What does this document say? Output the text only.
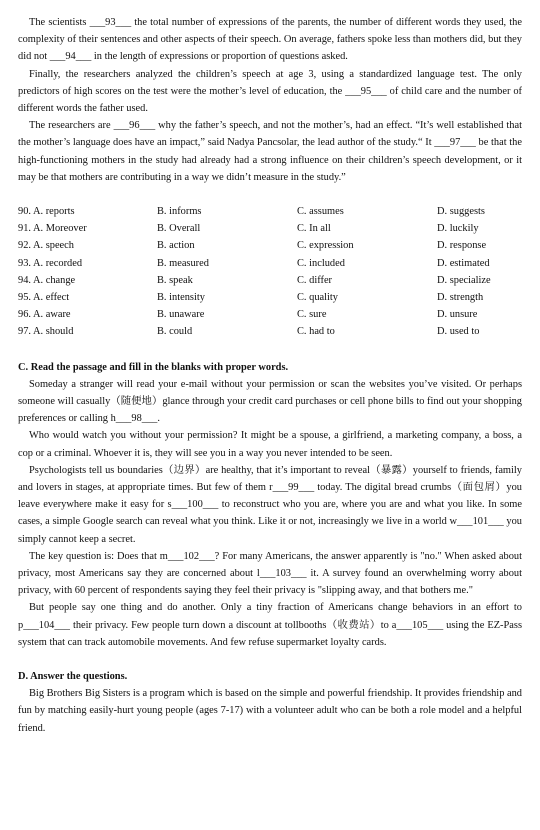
The scientists ___93___ the total number of expressions of the parents, the number of different words they used, the complexity of their sentences and other aspects of their speech. On average, fathers spoke less than mothers did, but they did not ___94___ in the length of expressions or proportion of questions asked.

Finally, the researchers analyzed the children’s speech at age 3, using a standardized language test. The only predictors of high scores on the test were the mother’s level of education, the ___95___ of child care and the number of different words the father used.

The researchers are ___96___ why the father’s speech, and not the mother’s, had an effect. “It’s well established that the mother’s language does have an impact,” said Nadya Pancsolar, the lead author of the study.“ It ___97___ be that the high-functioning mothers in the study had already had a strong influence on their children’s speech development, or it may be that mothers are contributing in a way we didn’t measure in the study.”

90. A. reports	B. informs	C. assumes	D. suggests
91. A. Moreover	B. Overall	C. In all	D. luckily
92. A. speech	B. action	C. expression	D. response
93. A. recorded	B. measured	C. included	D. estimated
94. A. change	B. speak	C. differ	D. specialize
95. A. effect	B. intensity	C. quality	D. strength
96. A. aware	B. unaware	C. sure	D. unsure
97. A. should	B. could	C. had to	D. used to
C. Read the passage and fill in the blanks with proper words.

Someday a stranger will read your e-mail without your permission or scan the websites you’ve visited. Or perhaps someone will casually（随便地）glance through your credit card purchases or cell phone bills to find out your shopping preferences or calling h___98___.

Who would watch you without your permission? It might be a spouse, a girlfriend, a marketing company, a boss, a cop or a criminal. Whoever it is, they will see you in a way you never intended to be seen.

Psychologists tell us boundaries（边界）are healthy, that it’s important to reveal（暴露）yourself to friends, family and lovers in stages, at appropriate times. But few of them r___99___ today. The digital bread crumbs（面包屑）you leave everywhere make it easy for s___100___ to reconstruct who you are, where you are and what you like. In some cases, a simple Google search can reveal what you think. Like it or not, increasingly we live in a world w___101___ you simply cannot keep a secret.

The key question is: Does that m___102___? For many Americans, the answer apparently is "no." When asked about privacy, most Americans say they are concerned about l___103___ it. A survey found an overwhelming worry about privacy, with 60 percent of respondents saying they feel their privacy is "slipping away, and that bothers me."

But people say one thing and do another. Only a tiny fraction of Americans change behaviors in an effort to p___104___ their privacy. Few people turn down a discount at tollbooths（收费站）to a___105___ using the EZ-Pass system that can track automobile movements. And few refuse supermarket loyalty cards.

D. Answer the questions.

Big Brothers Big Sisters is a program which is based on the simple and powerful friendship. It provides friendship and fun by matching easily-hurt young people (ages 7-17) with a volunteer adult who can be both a role model and a helpful friend.
